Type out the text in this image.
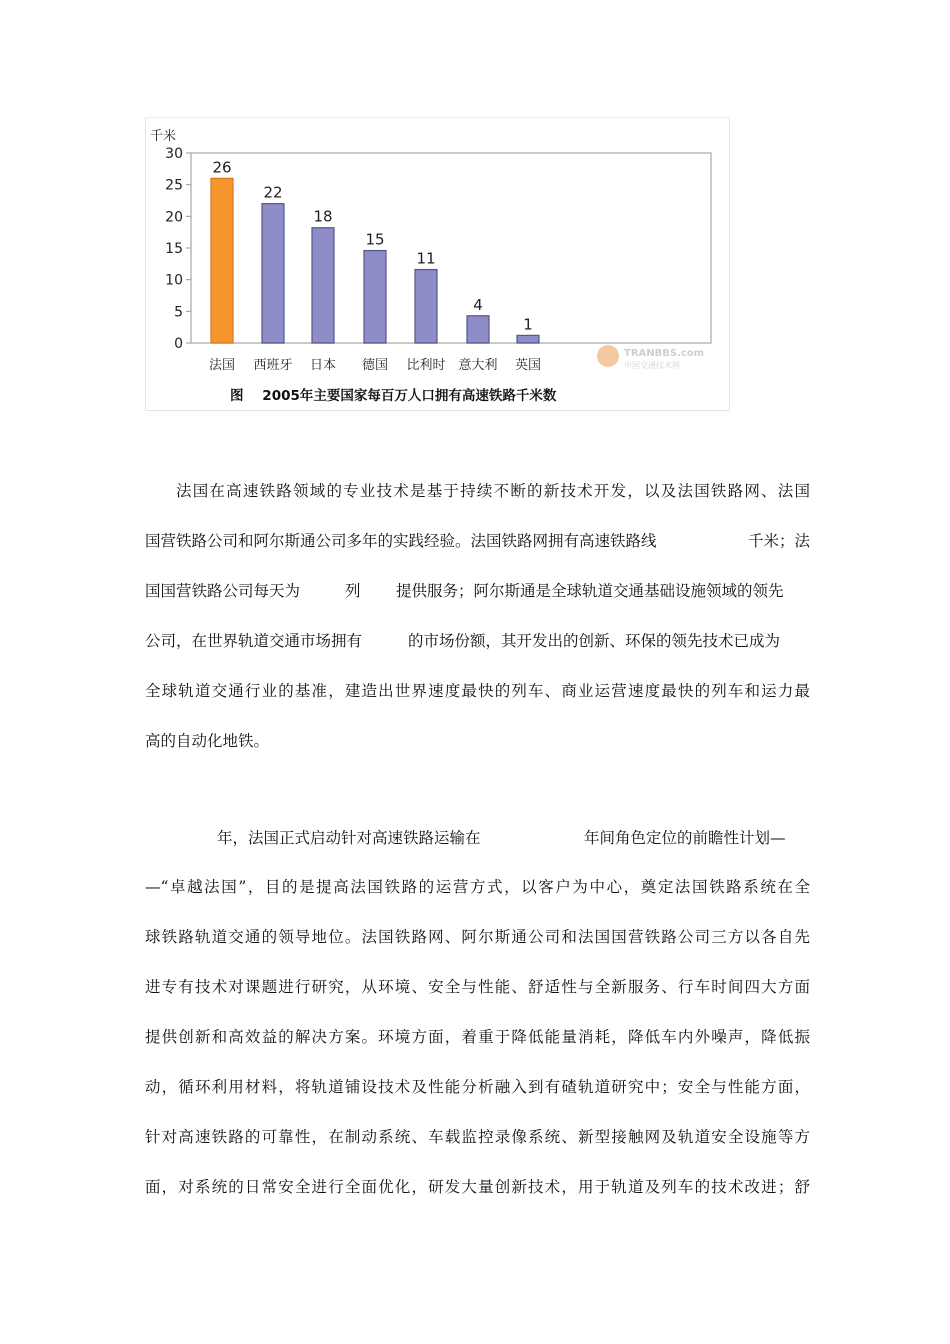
30
25
20
15
10
5
0
千米
26
法国
22
西班牙
18
日本
15
德国
11
比利时
4
意大利
1
英国
TRANBBS.com
中国交通技术网
图    2005年主要国家每百万人口拥有高速铁路千米数
法国在高速铁路领域的专业技术是基于持续不断的新技术开发，以及法国铁路网、法国
国营铁路公司和阿尔斯通公司多年的实践经验。法国铁路网拥有高速铁路线	千米；法
国国营铁路公司每天为	列 提供服务；阿尔斯通是全球轨道交通基础设施领域的领先
公司，在世界轨道交通市场拥有	的市场份额，其开发出的创新、环保的领先技术已成为
全球轨道交通行业的基准，建造出世界速度最快的列车、商业运营速度最快的列车和运力最
高的自动化地铁。
年，法国正式启动针对高速铁路运输在	年间角色定位的前瞻性计划—
—“卓越法国”，目的是提高法国铁路的运营方式，以客户为中心，奠定法国铁路系统在全
球铁路轨道交通的领导地位。法国铁路网、阿尔斯通公司和法国国营铁路公司三方以各自先
进专有技术对课题进行研究，从环境、安全与性能、舒适性与全新服务、行车时间四大方面
提供创新和高效益的解决方案。环境方面，着重于降低能量消耗，降低车内外噪声，降低振
动，循环利用材料，将轨道铺设技术及性能分析融入到有碴轨道研究中；安全与性能方面，
针对高速铁路的可靠性，在制动系统、车载监控录像系统、新型接触网及轨道安全设施等方
面，对系统的日常安全进行全面优化，研发大量创新技术，用于轨道及列车的技术改进；舒
